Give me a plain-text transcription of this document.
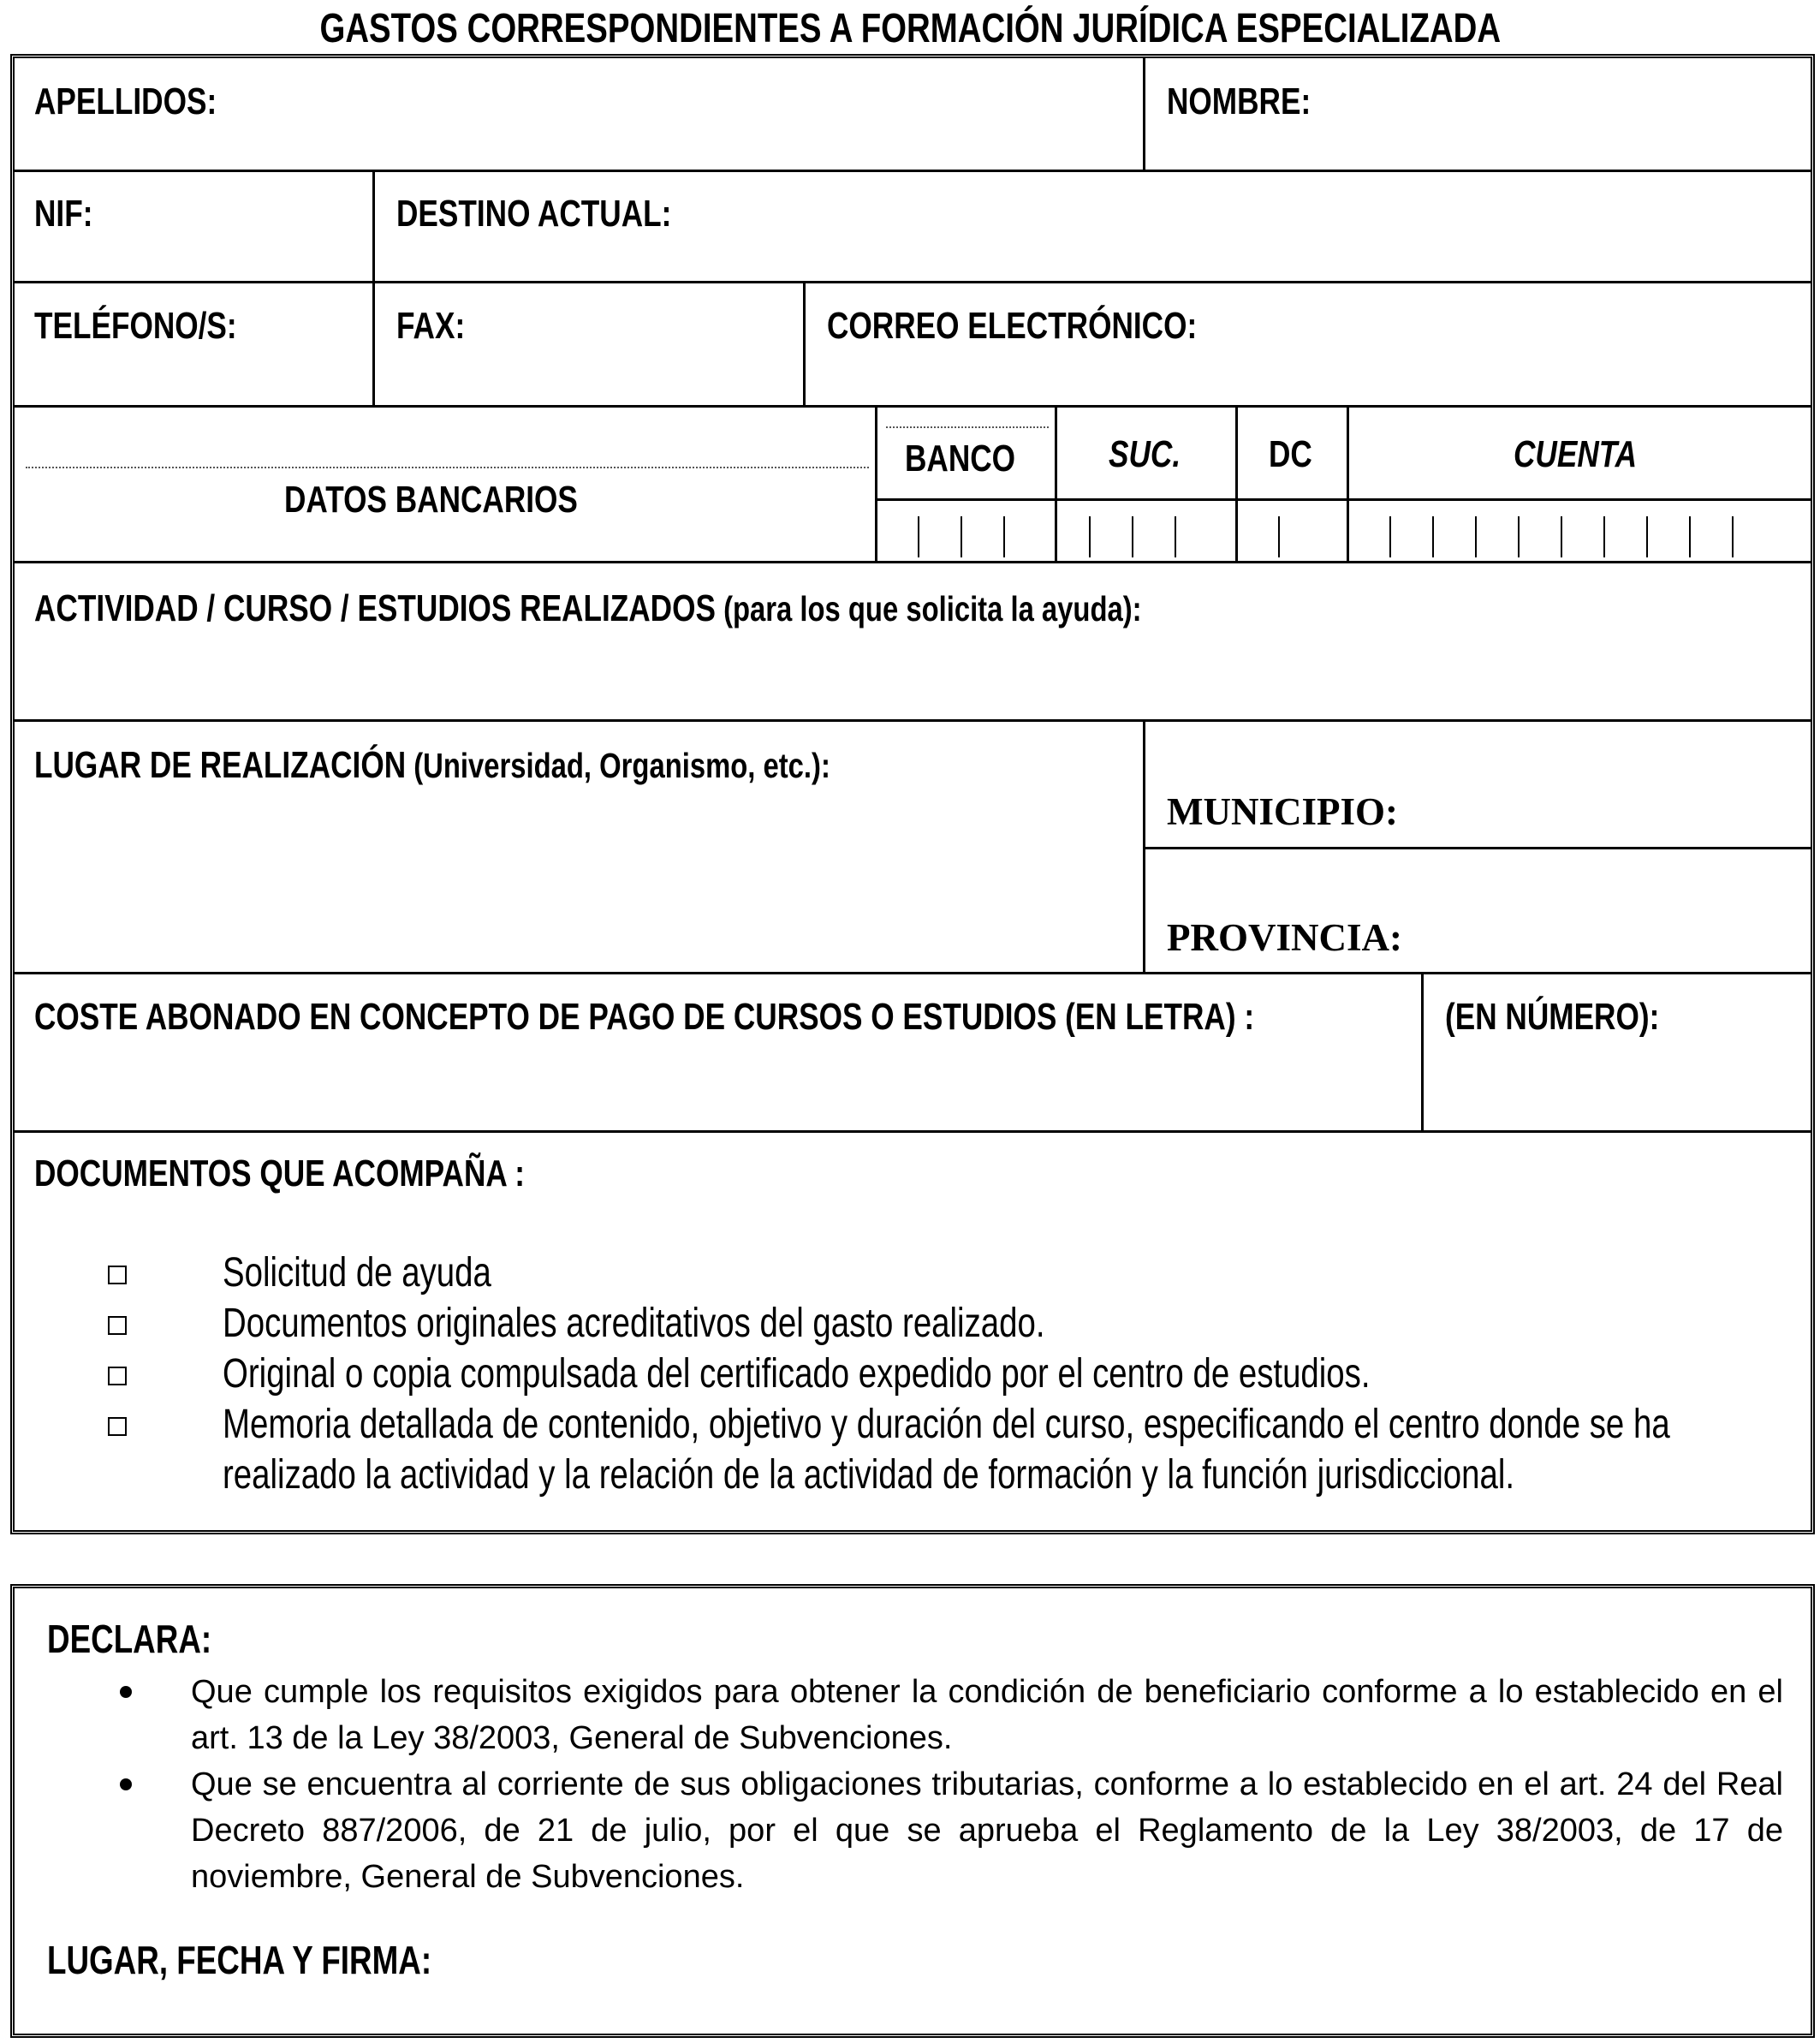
GASTOS CORRESPONDIENTES A FORMACIÓN JURÍDICA ESPECIALIZADA
APELLIDOS:	NOMBRE:
NIF:	DESTINO ACTUAL:
TELÉFONO/S:	FAX:	CORREO ELECTRÓNICO:
DATOS BANCARIOS
BANCO	SUC.	DC	CUENTA
ACTIVIDAD / CURSO / ESTUDIOS REALIZADOS (para los que solicita la ayuda):
LUGAR DE REALIZACIÓN (Universidad, Organismo, etc.):
MUNICIPIO:
PROVINCIA:
COSTE ABONADO EN CONCEPTO DE PAGO DE CURSOS O ESTUDIOS (EN LETRA) :	(EN NÚMERO):
DOCUMENTOS QUE ACOMPAÑA :
Solicitud de ayuda
Documentos originales acreditativos del gasto realizado.
Original o copia compulsada del certificado expedido por el centro de estudios.
Memoria detallada de contenido, objetivo y duración del curso, especificando el centro donde se ha
realizado la actividad y la relación de la actividad de formación y la función jurisdiccional.
DECLARA:
Que cumple los requisitos exigidos para obtener la condición de beneficiario conforme a lo establecido en el art. 13 de la Ley 38/2003, General de Subvenciones.
Que se encuentra al corriente de sus obligaciones tributarias, conforme a lo establecido en el art. 24 del Real Decreto 887/2006, de 21 de julio, por el que se aprueba el Reglamento de la Ley 38/2003, de 17 de noviembre, General de Subvenciones.
LUGAR, FECHA Y FIRMA:
